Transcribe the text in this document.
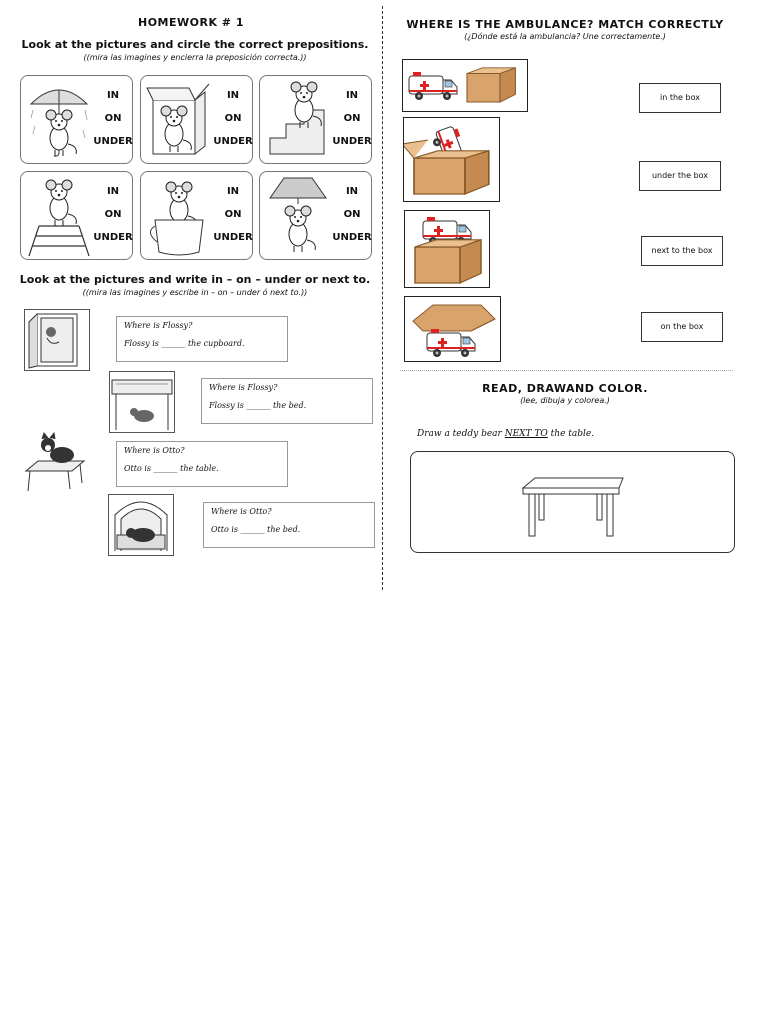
HOMEWORK # 1
Look at the pictures and circle the correct prepositions.
((mira las imagines y encierra la preposición correcta.))
IN
ON
UNDER
IN
ON
UNDER
IN
ON
UNDER
IN
ON
UNDER
IN
ON
UNDER
IN
ON
UNDER
Look at the pictures and write in – on – under or next to.
((mira las imagines y escribe in – on – under ó next to.))
Where is Flossy?
Flossy is ______ the cupboard.
Where is Flossy?
Flossy is ______ the bed.
Where is Otto?
Otto is ______ the table.
Where is Otto?
Otto is ______ the bed.
WHERE IS THE AMBULANCE? MATCH CORRECTLY
(¿Dónde está la ambulancia? Une correctamente.)
in the box
under the box
next to the box
on the box
READ, DRAWAND COLOR.
(lee, dibuja y colorea.)
Draw a teddy bear NEXT TO the table.
